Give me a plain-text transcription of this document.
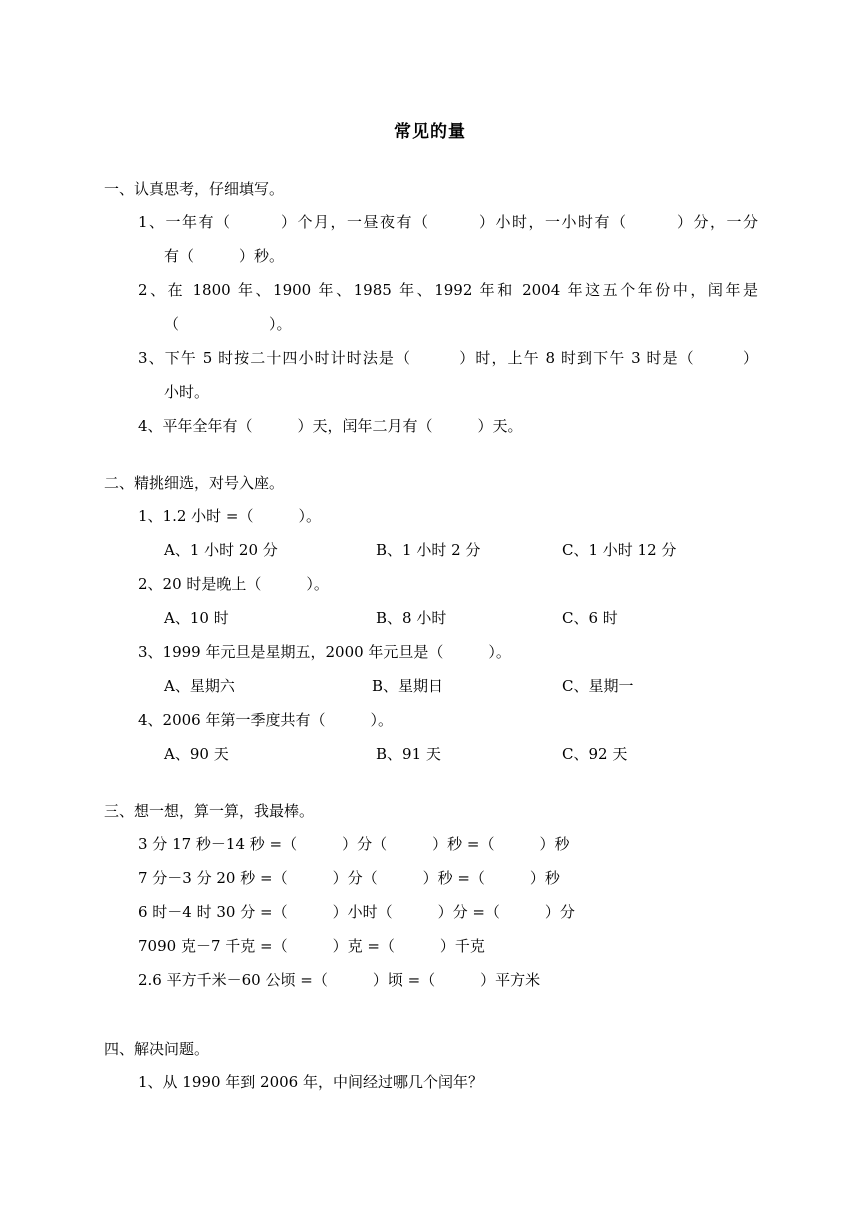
常见的量
一、认真思考，仔细填写。
1、一年有（　　　）个月，一昼夜有（　　　）小时，一小时有（　　　）分，一分
有（　　　）秒。
2、在 1800 年、1900 年、1985 年、1992 年和 2004 年这五个年份中，闰年是
（　　　　　　）。
3、下午 5 时按二十四小时计时法是（　　　）时，上午 8 时到下午 3 时是（　　　）
小时。
4、平年全年有（　　　）天，闰年二月有（　　　）天。
二、精挑细选，对号入座。
1、1.2 小时 =（　　　）。
A、1 小时 20 分	B、1 小时 2 分	C、1 小时 12 分
2、20 时是晚上（　　　）。
A、10 时	B、8 小时	C、6 时
3、1999 年元旦是星期五，2000 年元旦是（　　　）。
A、星期六	B、星期日	C、星期一
4、2006 年第一季度共有（　　　）。
A、90 天	B、91 天	C、92 天
三、想一想，算一算，我最棒。
3 分 17 秒－14 秒 =（　　　）分（　　　）秒 =（　　　）秒
7 分－3 分 20 秒 =（　　　）分（　　　）秒 =（　　　）秒
6 时－4 时 30 分 =（　　　）小时（　　　）分 =（　　　）分
7090 克－7 千克 =（　　　）克 =（　　　）千克
2.6 平方千米－60 公顷 =（　　　）顷 =（　　　）平方米
四、解决问题。
1、从 1990 年到 2006 年，中间经过哪几个闰年？
